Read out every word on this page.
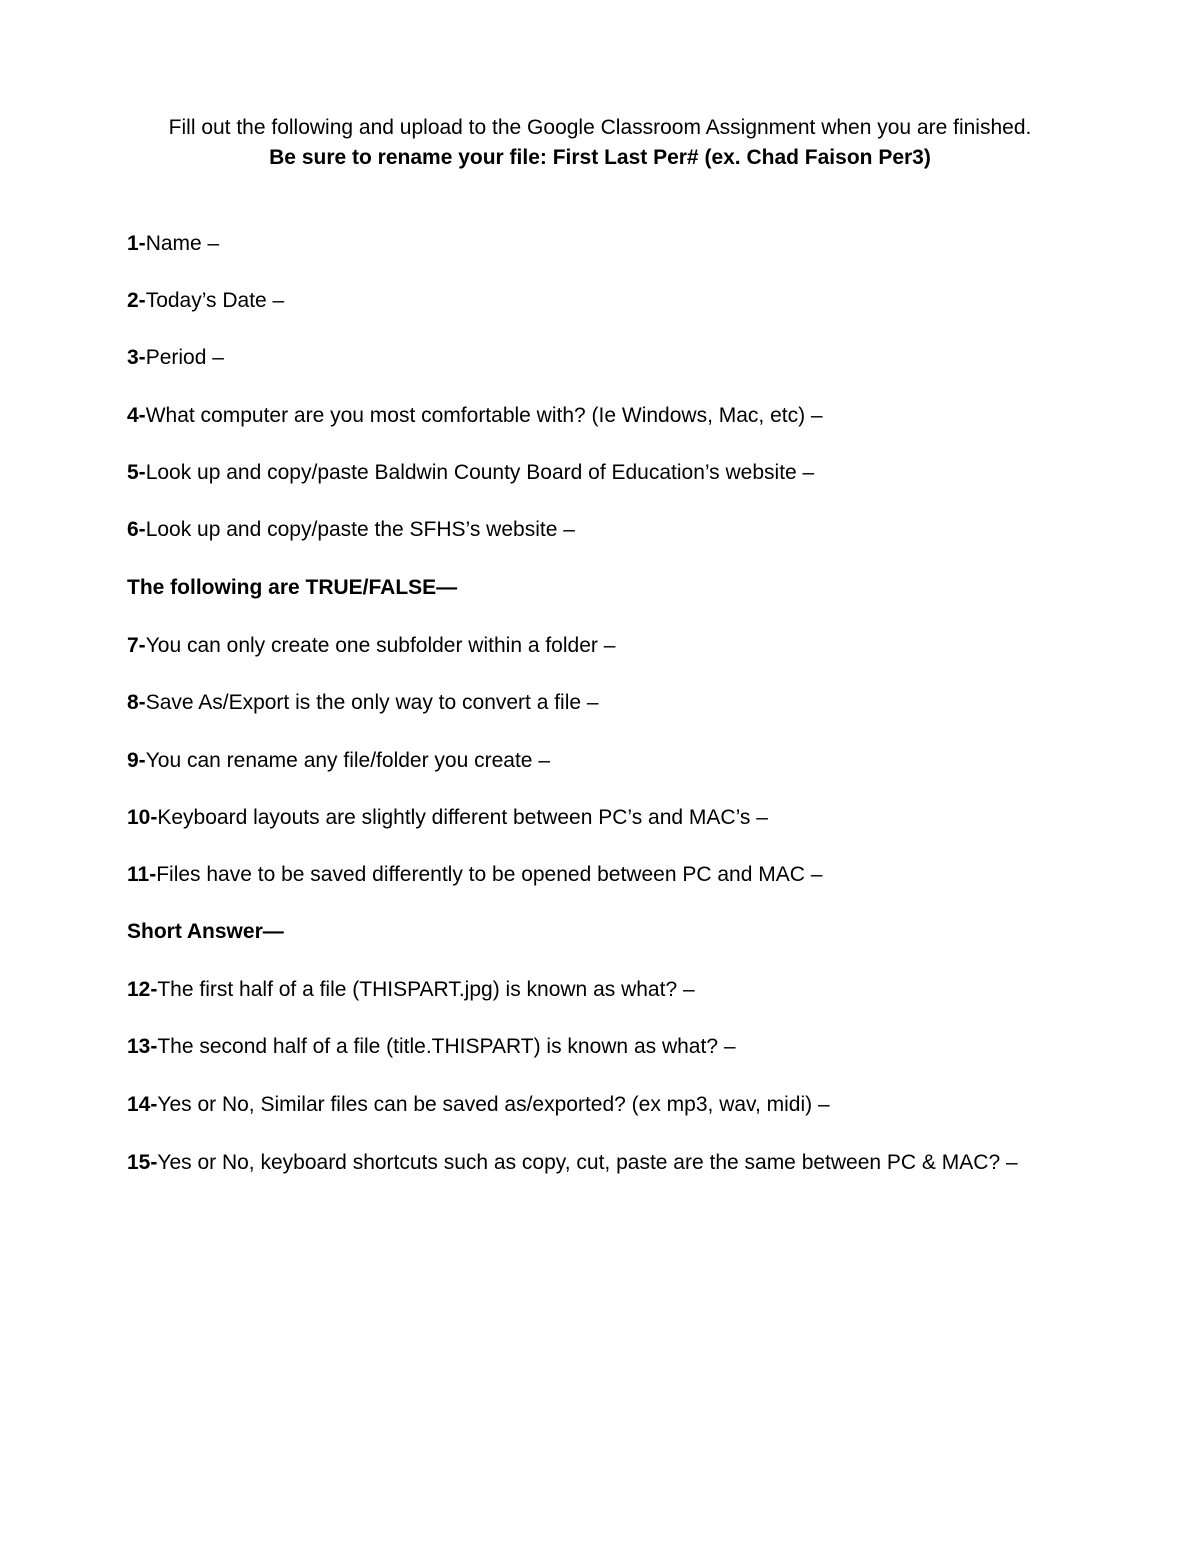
Fill out the following and upload to the Google Classroom Assignment when you are finished.
Be sure to rename your file: First Last Per# (ex. Chad Faison Per3)
1-Name –
2-Today’s Date –
3-Period –
4-What computer are you most comfortable with? (Ie Windows, Mac, etc) –
5-Look up and copy/paste Baldwin County Board of Education’s website –
6-Look up and copy/paste the SFHS’s website –
The following are TRUE/FALSE—
7-You can only create one subfolder within a folder –
8-Save As/Export is the only way to convert a file –
9-You can rename any file/folder you create –
10-Keyboard layouts are slightly different between PC’s and MAC’s –
11-Files have to be saved differently to be opened between PC and MAC –
Short Answer—
12-The first half of a file (THISPART.jpg) is known as what? –
13-The second half of a file (title.THISPART) is known as what? –
14-Yes or No, Similar files can be saved as/exported? (ex mp3, wav, midi) –
15-Yes or No, keyboard shortcuts such as copy, cut, paste are the same between PC & MAC? –
